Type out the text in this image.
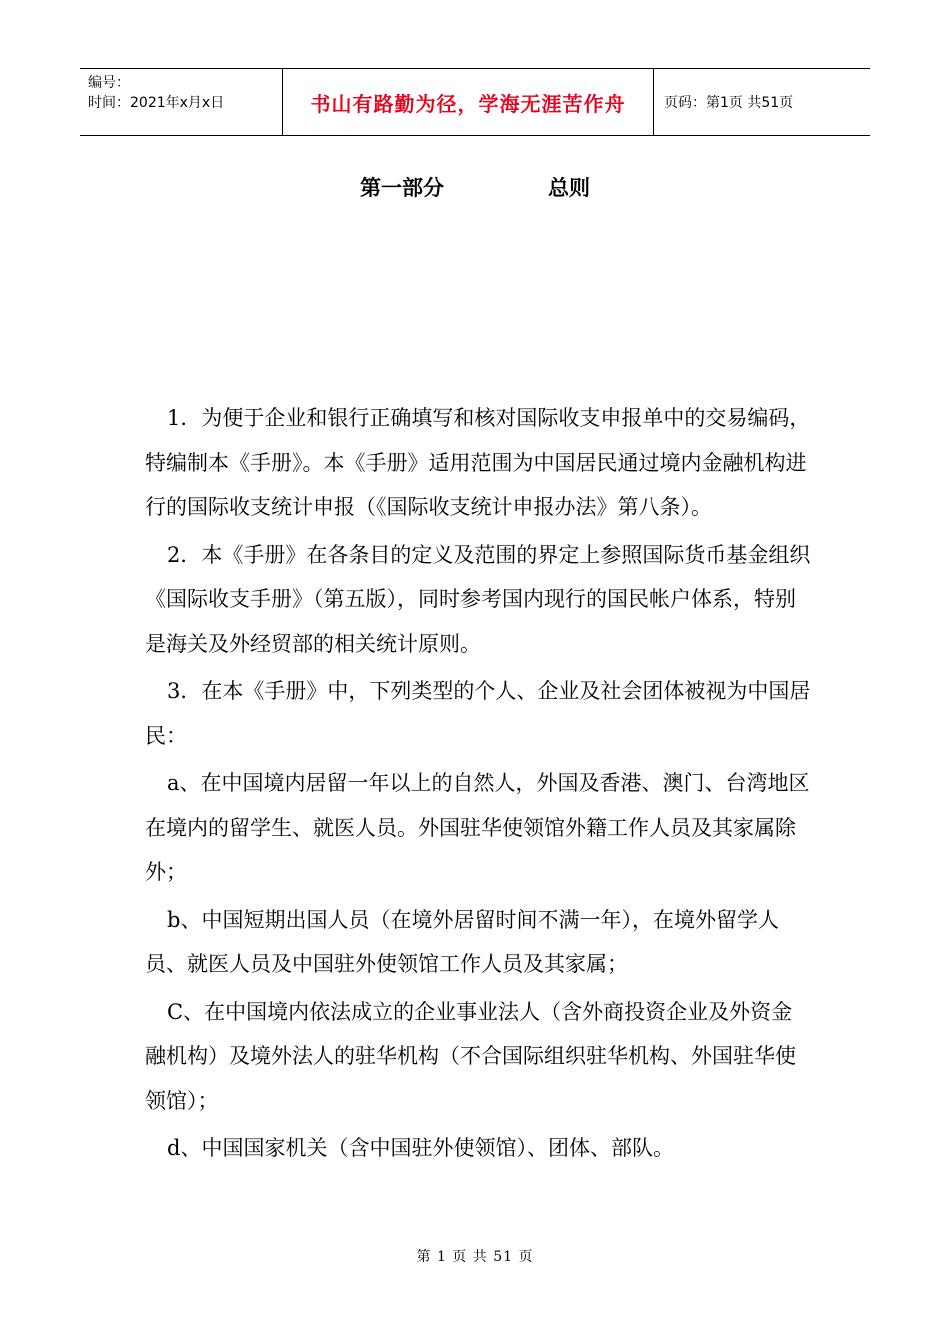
编号：
时间：2021年x月x日	书山有路勤为径，学海无涯苦作舟	页码：第1页 共51页
第一部分	总则

1．为便于企业和银行正确填写和核对国际收支申报单中的交易编码，特编制本《手册》。本《手册》适用范围为中国居民通过境内金融机构进行的国际收支统计申报（《国际收支统计申报办法》第八条）。

2．本《手册》在各条目的定义及范围的界定上参照国际货币基金组织《国际收支手册》（第五版），同时参考国内现行的国民帐户体系，特别是海关及外经贸部的相关统计原则。

3．在本《手册》中，下列类型的个人、企业及社会团体被视为中国居民：

a、在中国境内居留一年以上的自然人，外国及香港、澳门、台湾地区在境内的留学生、就医人员。外国驻华使领馆外籍工作人员及其家属除外；

b、中国短期出国人员（在境外居留时间不满一年），在境外留学人员、就医人员及中国驻外使领馆工作人员及其家属；

C、在中国境内依法成立的企业事业法人（含外商投资企业及外资金融机构）及境外法人的驻华机构（不合国际组织驻华机构、外国驻华使领馆）；

d、中国国家机关（含中国驻外使领馆）、团体、部队。

第 1 页 共 51 页
